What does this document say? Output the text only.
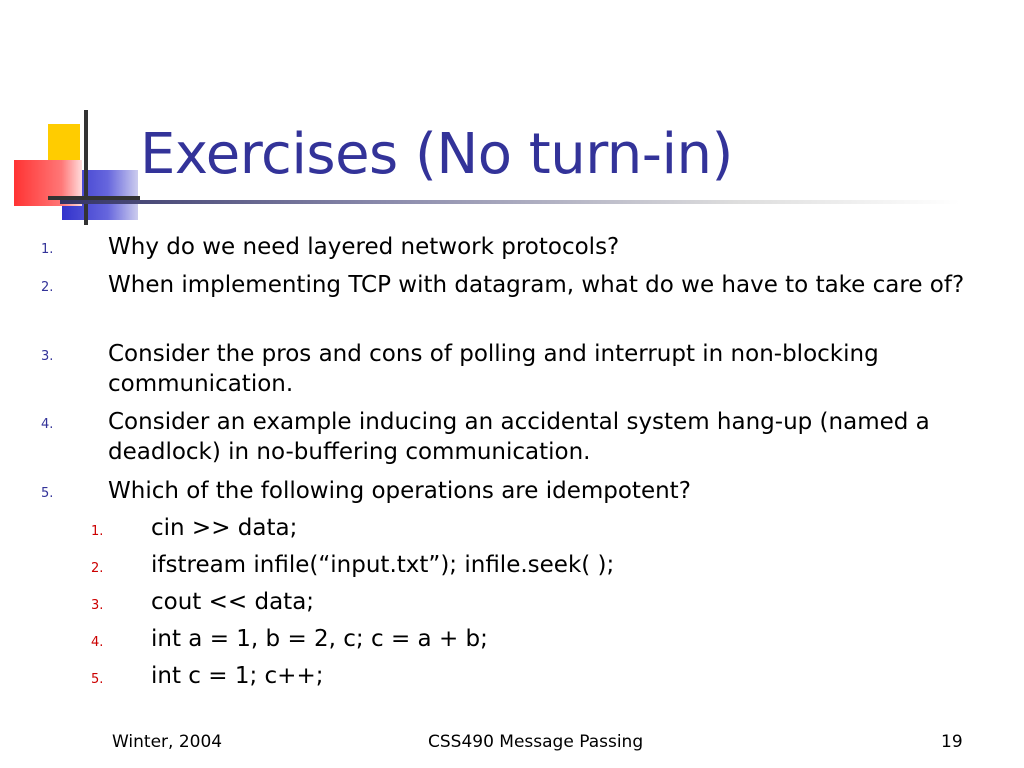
Exercises (No turn-in)
1. Why do we need layered network protocols?
2. When implementing TCP with datagram, what do we have to take care of?
3. Consider the pros and cons of polling and interrupt in non-blocking communication.
4. Consider an example inducing an accidental system hang-up (named a deadlock) in no-buffering communication.
5. Which of the following operations are idempotent?
1. cin >> data;
2. ifstream infile(“input.txt”); infile.seek( );
3. cout << data;
4. int a = 1, b = 2, c; c = a + b;
5. int c = 1; c++;
Winter, 2004	CSS490 Message Passing	19
